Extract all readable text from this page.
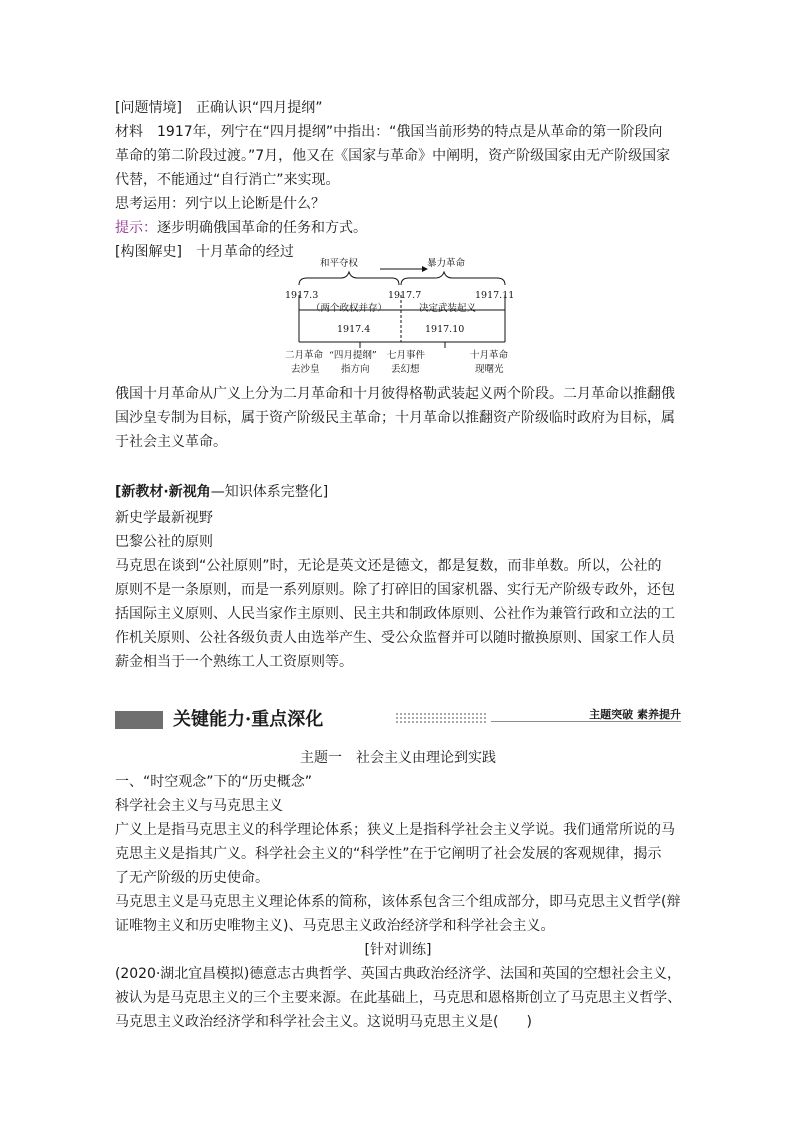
[问题情境] 正确认识“四月提纲”
材料　1917年，列宁在“四月提纲”中指出：“俄国当前形势的特点是从革命的第一阶段向
革命的第二阶段过渡。”7月，他又在《国家与革命》中阐明，资产阶级国家由无产阶级国家
代替，不能通过“自行消亡”来实现。
思考运用：列宁以上论断是什么？
提示：逐步明确俄国革命的任务和方式。
[构图解史] 十月革命的经过
和平夺权	暴力革命
1917.3	1917.7	1917.11
（两个政权并存）	决定武装起义
1917.4	1917.10
二月革命
去沙皇
“四月提纲”
指方向
七月事件
丢幻想
十月革命
现曙光
俄国十月革命从广义上分为二月革命和十月彼得格勒武装起义两个阶段。二月革命以推翻俄
国沙皇专制为目标，属于资产阶级民主革命；十月革命以推翻资产阶级临时政府为目标，属
于社会主义革命。
[新教材·新视角—知识体系完整化]
新史学最新视野
巴黎公社的原则
马克思在谈到“公社原则”时，无论是英文还是德文，都是复数，而非单数。所以，公社的
原则不是一条原则，而是一系列原则。除了打碎旧的国家机器、实行无产阶级专政外，还包
括国际主义原则、人民当家作主原则、民主共和制政体原则、公社作为兼管行政和立法的工
作机关原则、公社各级负责人由选举产生、受公众监督并可以随时撤换原则、国家工作人员
薪金相当于一个熟练工人工资原则等。
关键能力·重点深化	主题突破 素养提升
主题一　社会主义由理论到实践
一、“时空观念”下的“历史概念”
科学社会主义与马克思主义
广义上是指马克思主义的科学理论体系；狭义上是指科学社会主义学说。我们通常所说的马
克思主义是指其广义。科学社会主义的“科学性”在于它阐明了社会发展的客观规律，揭示
了无产阶级的历史使命。
马克思主义是马克思主义理论体系的简称，该体系包含三个组成部分，即马克思主义哲学(辩
证唯物主义和历史唯物主义)、马克思主义政治经济学和科学社会主义。
[针对训练]
(2020·湖北宜昌模拟)德意志古典哲学、英国古典政治经济学、法国和英国的空想社会主义，
被认为是马克思主义的三个主要来源。在此基础上，马克思和恩格斯创立了马克思主义哲学、
马克思主义政治经济学和科学社会主义。这说明马克思主义是(　　)
